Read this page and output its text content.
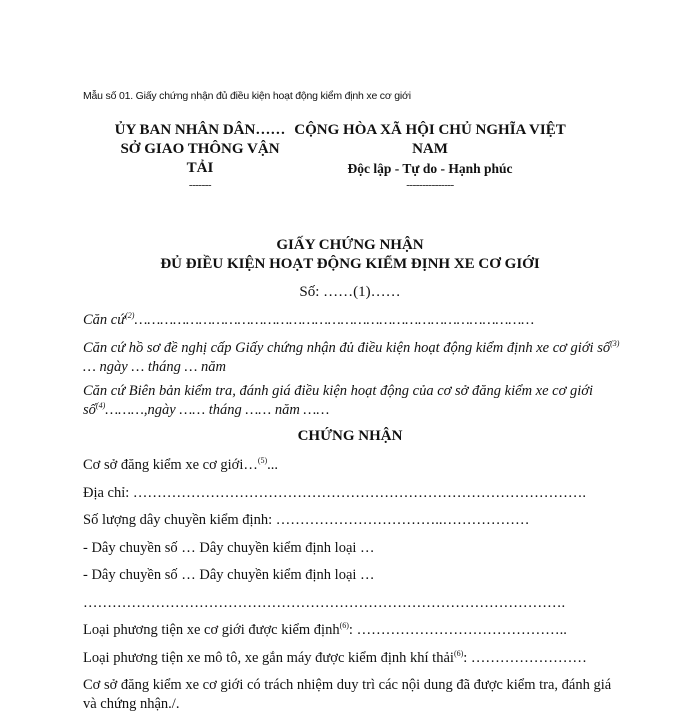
Mẫu số 01. Giấy chứng nhận đủ điều kiện hoạt động kiểm định xe cơ giới
ỦY BAN NHÂN DÂN……
SỞ GIAO THÔNG VẬN
TẢI
-------
CỘNG HÒA XÃ HỘI CHỦ NGHĨA VIỆT
NAM
Độc lập - Tự do - Hạnh phúc
---------------
GIẤY CHỨNG NHẬN
ĐỦ ĐIỀU KIỆN HOẠT ĐỘNG KIỂM ĐỊNH XE CƠ GIỚI
Số: ……(1)……
Căn cứ$^{(2)}$…………………………………………………………………………………
Căn cứ hồ sơ đề nghị cấp Giấy chứng nhận đủ điều kiện hoạt động kiểm định xe cơ giới số$^{(3)}$ … ngày … tháng … năm
Căn cứ Biên bản kiểm tra, đánh giá điều kiện hoạt động của cơ sở đăng kiểm xe cơ giới số$^{(4)}$………,ngày …… tháng …… năm ……
CHỨNG NHẬN
Cơ sở đăng kiểm xe cơ giới…$^{(5)}$...
Địa chỉ: ………………………………………………………………………………….
Số lượng dây chuyền kiểm định: ……………………………..………………
- Dây chuyền số … Dây chuyền kiểm định loại …
- Dây chuyền số … Dây chuyền kiểm định loại …
……………………………………………………………………………………….
Loại phương tiện xe cơ giới được kiểm định$^{(6)}$: ……………………………………..
Loại phương tiện xe mô tô, xe gắn máy được kiểm định khí thải$^{(6)}$: ……………………
Cơ sở đăng kiểm xe cơ giới có trách nhiệm duy trì các nội dung đã được kiểm tra, đánh giá và chứng nhận./.
